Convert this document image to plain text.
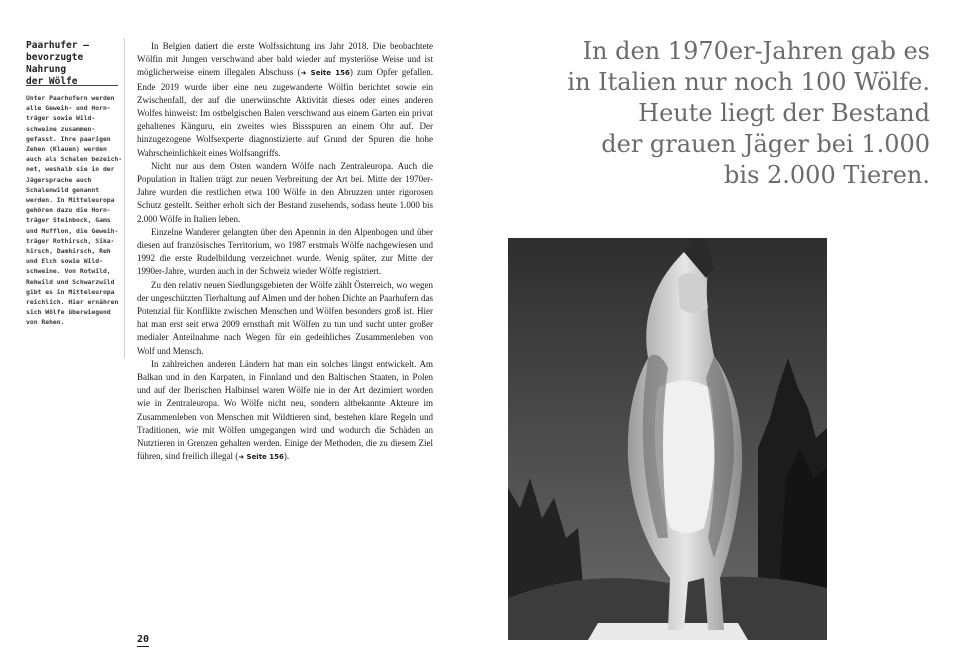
Paarhufer –
bevorzugte Nahrung
der Wölfe
Unter Paarhufern werden
alle Geweih- und Horn-
träger sowie Wild-
schweine zusammen-
gefasst. Ihre paarigen
Zehen (Klauen) werden
auch als Schalen bezeich-
net, weshalb sie in der
Jägersprache auch
Schalenwild genannt
werden. In Mitteleuropa
gehören dazu die Horn-
träger Steinbock, Gams
und Mufflon, die Geweih-
träger Rothirsch, Sika-
hirsch, Damhirsch, Reh
und Elch sowie Wild-
schweine. Von Rotwild,
Rehwild und Schwarzwild
gibt es in Mitteleuropa
reichlich. Hier ernähren
sich Wölfe überwiegend
von Rehen.

In Belgien datiert die erste Wolfssichtung ins Jahr 2018. Die beobachtete Wölfin mit Jungen verschwand aber bald wieder auf mysteriöse Weise und ist möglicherweise einem illegalen Abschuss (➜ Seite 156) zum Opfer gefallen. Ende 2019 wurde über eine neu zugewanderte Wölfin berichtet sowie ein Zwischenfall, der auf die unerwünschte Aktivität dieses oder eines anderen Wolfes hinweist: Im ostbelgischen Balen verschwand aus einem Garten ein privat gehaltenes Känguru, ein zweites wies Bissspuren an einem Ohr auf. Der hinzugezogene Wolfsexperte diagnostizierte auf Grund der Spuren die hohe Wahrscheinlichkeit eines Wolfsangriffs.

Nicht nur aus dem Osten wandern Wölfe nach Zentraleuropa. Auch die Population in Italien trägt zur neuen Verbreitung der Art bei. Mitte der 1970er-Jahre wurden die restlichen etwa 100 Wölfe in den Abruzzen unter rigorosen Schutz gestellt. Seither erholt sich der Bestand zusehends, sodass heute 1.000 bis 2.000 Wölfe in Italien leben.

Einzelne Wanderer gelangten über den Apennin in den Alpenbogen und über diesen auf französisches Territorium, wo 1987 erstmals Wölfe nachgewiesen und 1992 die erste Rudelbildung verzeichnet wurde. Wenig später, zur Mitte der 1990er-Jahre, wurden auch in der Schweiz wieder Wölfe registriert.

Zu den relativ neuen Siedlungsgebieten der Wölfe zählt Österreich, wo wegen der ungeschützten Tierhaltung auf Almen und der hohen Dichte an Paarhufern das Potenzial für Konflikte zwischen Menschen und Wölfen besonders groß ist. Hier hat man erst seit etwa 2009 ernsthaft mit Wölfen zu tun und sucht unter großer medialer Anteilnahme nach Wegen für ein gedeihliches Zusammenleben von Wolf und Mensch.

In zahlreichen anderen Ländern hat man ein solches längst entwickelt. Am Balkan und in den Karpaten, in Finnland und den Baltischen Staaten, in Polen und auf der Iberischen Halbinsel waren Wölfe nie in der Art dezimiert worden wie in Zentraleuropa. Wo Wölfe nicht neu, sondern altbekannte Akteure im Zusammenleben von Menschen mit Wildtieren sind, bestehen klare Regeln und Traditionen, wie mit Wölfen umgegangen wird und wodurch die Schäden an Nutztieren in Grenzen gehalten werden. Einige der Methoden, die zu diesem Ziel führen, sind freilich illegal (➜ Seite 156).

20
In den 1970er-Jahren gab es
in Italien nur noch 100 Wölfe.
Heute liegt der Bestand
der grauen Jäger bei 1.000
bis 2.000 Tieren.
